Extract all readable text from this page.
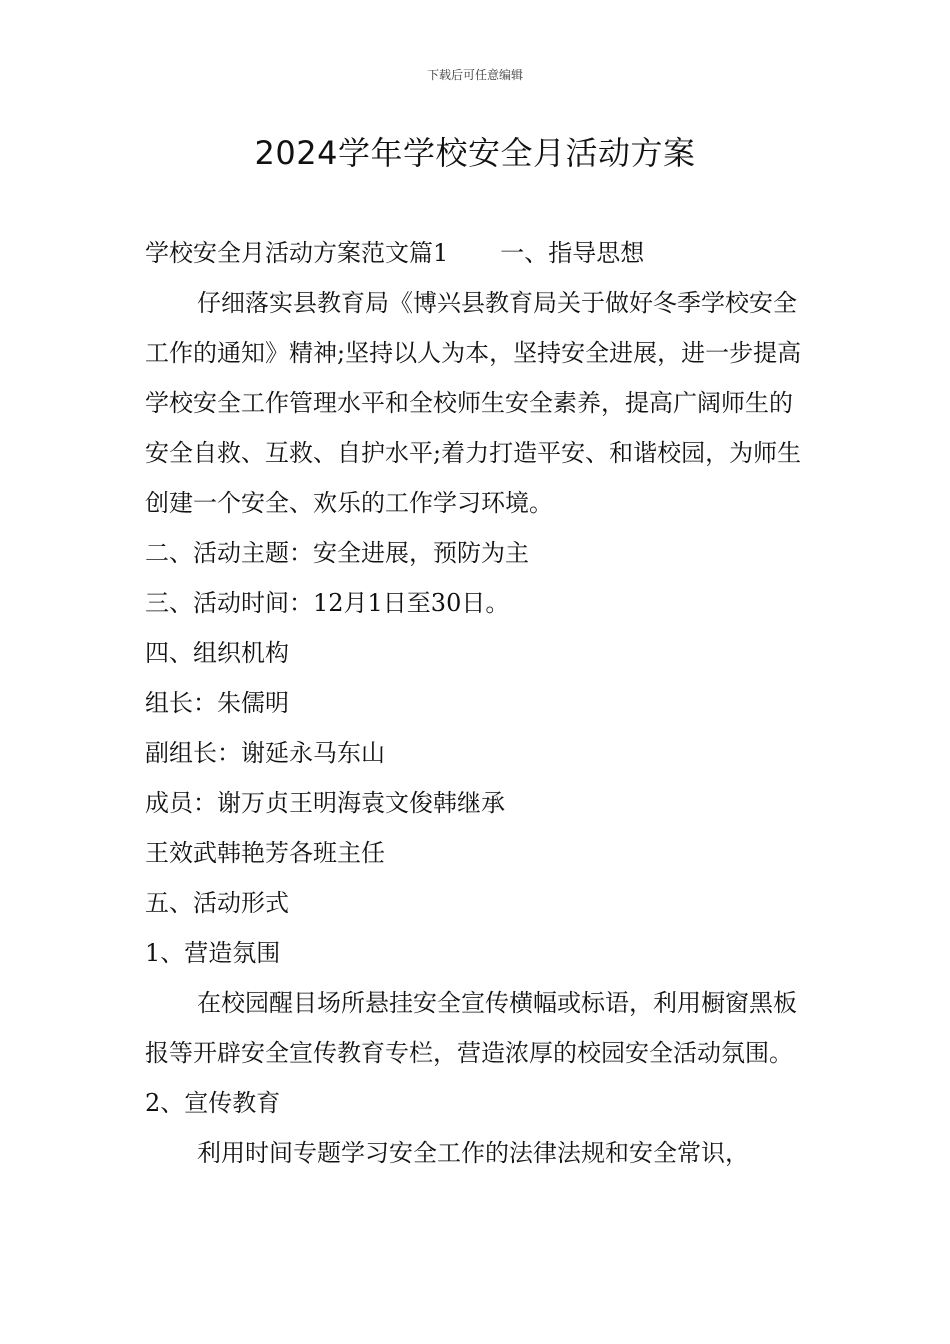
下载后可任意编辑
2024学年学校安全月活动方案

学校安全月活动方案范文篇1 一、指导思想

仔细落实县教育局《博兴县教育局关于做好冬季学校安全工作的通知》精神;坚持以人为本，坚持安全进展，进一步提高学校安全工作管理水平和全校师生安全素养，提高广阔师生的安全自救、互救、自护水平;着力打造平安、和谐校园，为师生创建一个安全、欢乐的工作学习环境。

二、活动主题：安全进展，预防为主

三、活动时间：12月1日至30日。

四、组织机构

组长：朱儒明

副组长：谢延永马东山

成员：谢万贞王明海袁文俊韩继承

王效武韩艳芳各班主任

五、活动形式

1、营造氛围

在校园醒目场所悬挂安全宣传横幅或标语，利用橱窗黑板报等开辟安全宣传教育专栏，营造浓厚的校园安全活动氛围。

2、宣传教育

利用时间专题学习安全工作的法律法规和安全常识，
